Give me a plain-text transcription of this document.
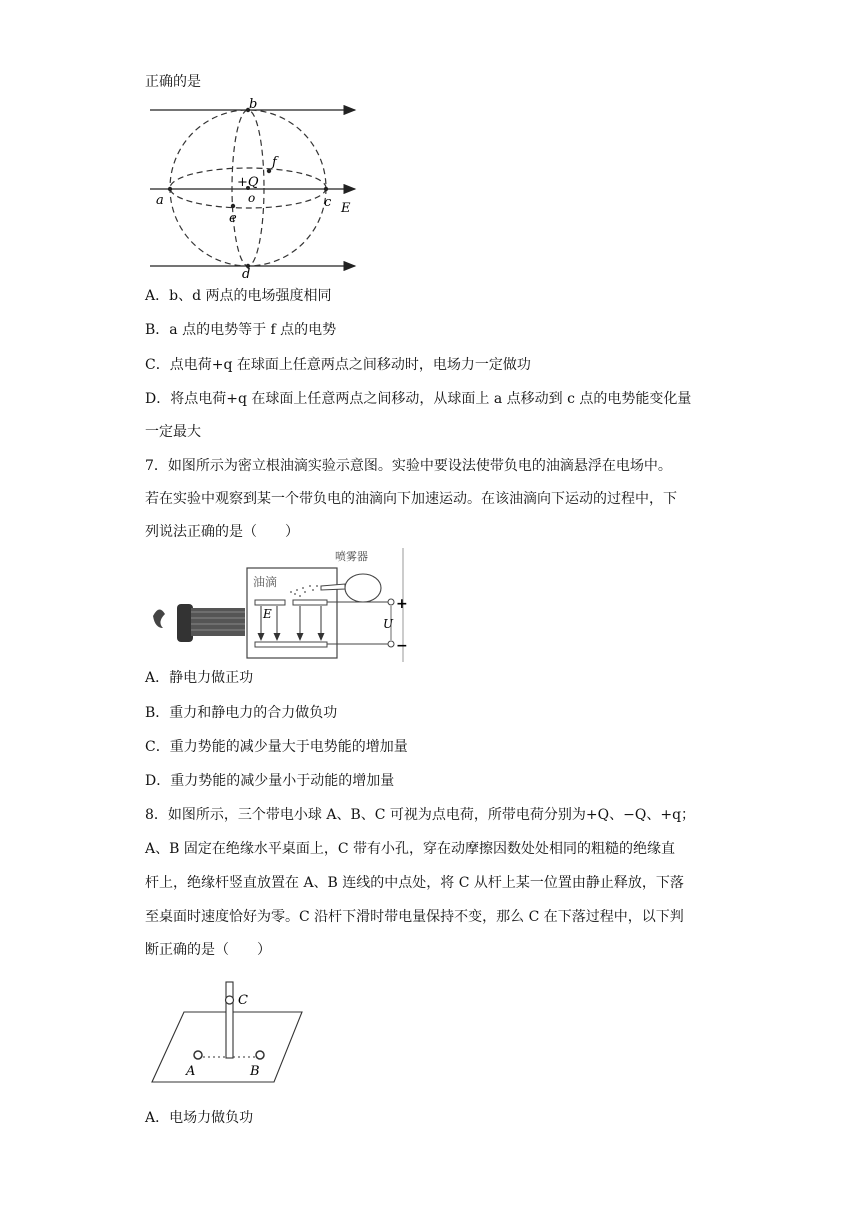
正确的是
b
f
+Q
o
a	c E
e
d
A．b、d 两点的电场强度相同
B．a 点的电势等于 f 点的电势
C．点电荷+q 在球面上任意两点之间移动时，电场力一定做功
D．将点电荷+q 在球面上任意两点之间移动，从球面上 a 点移动到 c 点的电势能变化量
一定最大
7．如图所示为密立根油滴实验示意图。实验中要设法使带负电的油滴悬浮在电场中。
若在实验中观察到某一个带负电的油滴向下加速运动。在该油滴向下运动的过程中，下
列说法正确的是（　　）
油滴
E
喷雾器
+
−
U
A．静电力做正功
B．重力和静电力的合力做负功
C．重力势能的减少量大于电势能的增加量
D．重力势能的减少量小于动能的增加量
8．如图所示，三个带电小球 A、B、C 可视为点电荷，所带电荷分别为+Q、−Q、+q；
A、B 固定在绝缘水平桌面上，C 带有小孔，穿在动摩擦因数处处相同的粗糙的绝缘直
杆上，绝缘杆竖直放置在 A、B 连线的中点处，将 C 从杆上某一位置由静止释放，下落
至桌面时速度恰好为零。C 沿杆下滑时带电量保持不变，那么 C 在下落过程中，以下判
断正确的是（　　）
C
A	B
A．电场力做负功
